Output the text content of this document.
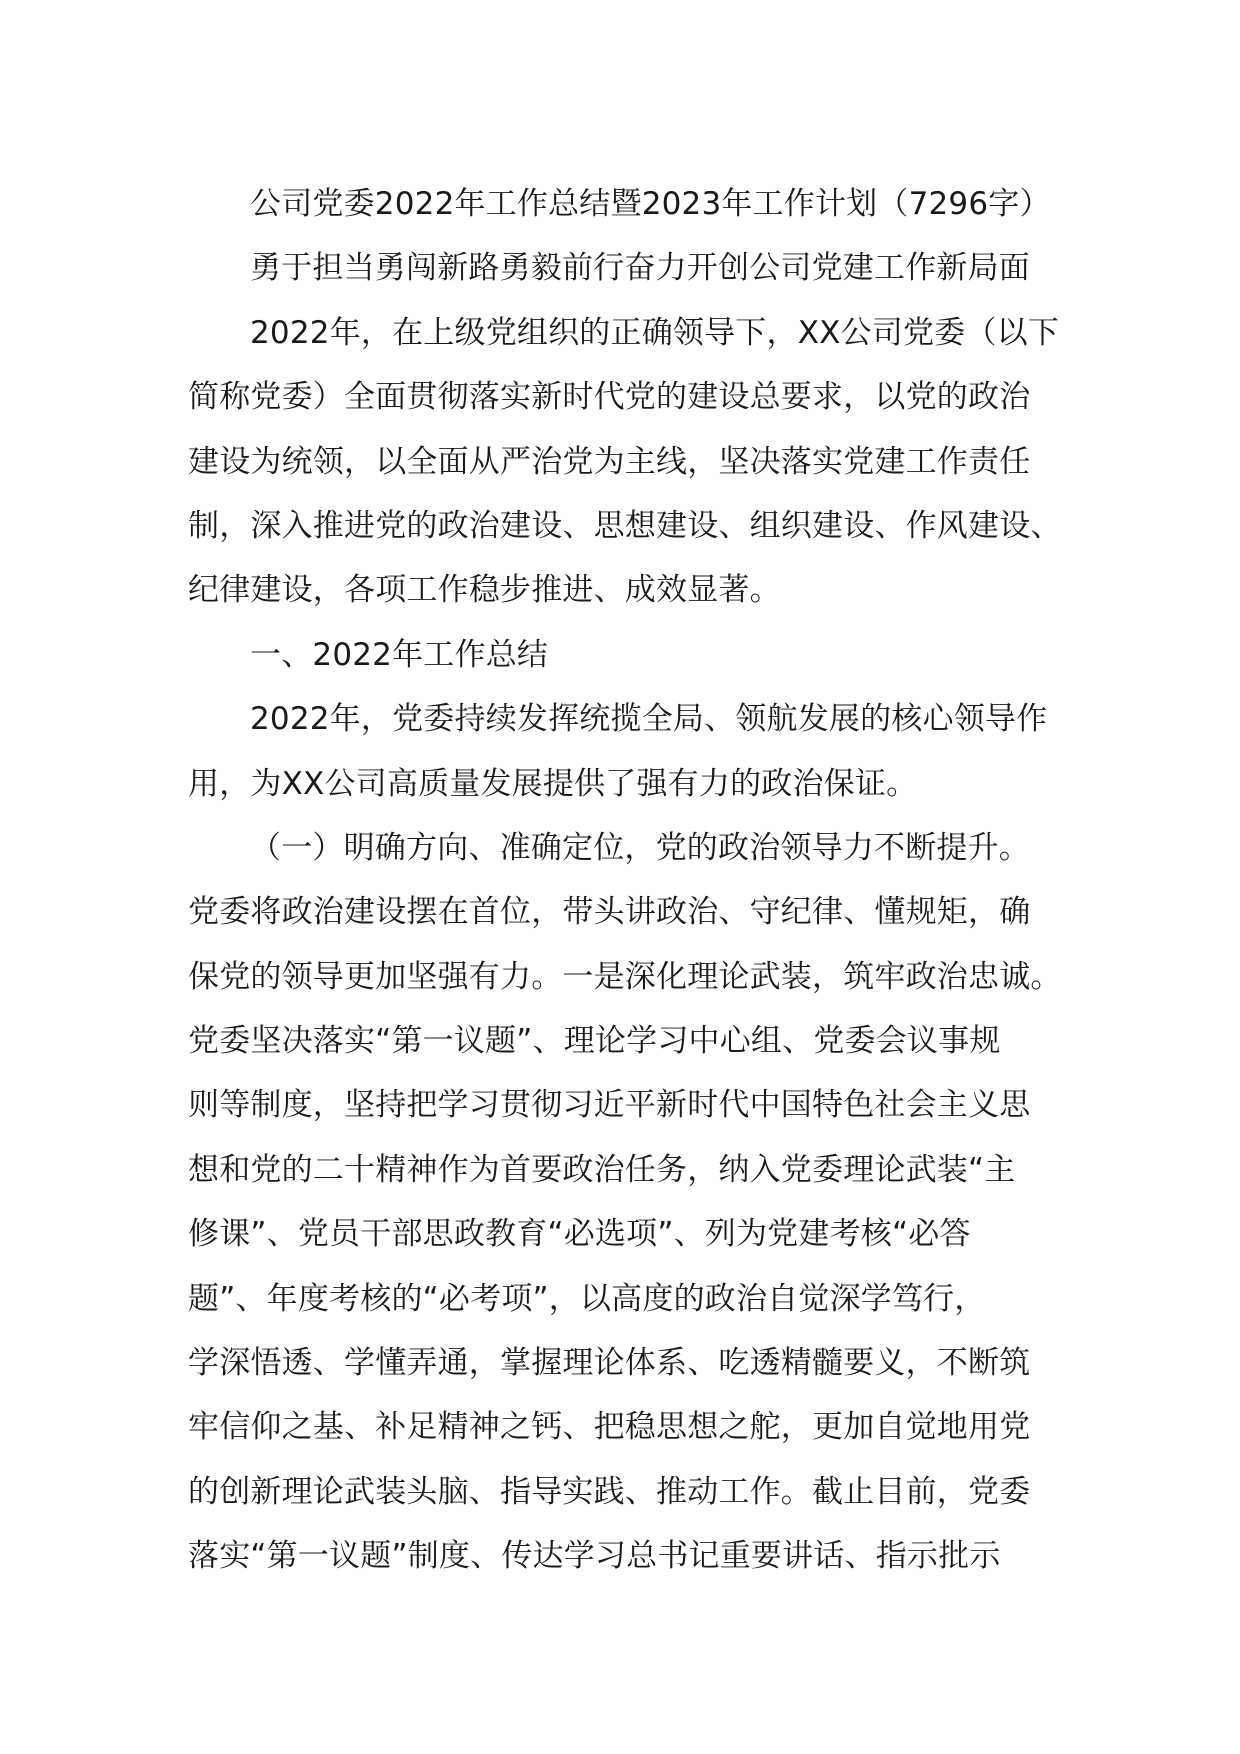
公司党委2022年工作总结暨2023年工作计划（7296字）
勇于担当勇闯新路勇毅前行奋力开创公司党建工作新局面
2022年，在上级党组织的正确领导下，XX公司党委（以下
简称党委）全面贯彻落实新时代党的建设总要求，以党的政治
建设为统领，以全面从严治党为主线，坚决落实党建工作责任
制，深入推进党的政治建设、思想建设、组织建设、作风建设、
纪律建设，各项工作稳步推进、成效显著。
一、2022年工作总结
2022年，党委持续发挥统揽全局、领航发展的核心领导作
用，为XX公司高质量发展提供了强有力的政治保证。
（一）明确方向、准确定位，党的政治领导力不断提升。
党委将政治建设摆在首位，带头讲政治、守纪律、懂规矩，确
保党的领导更加坚强有力。一是深化理论武装，筑牢政治忠诚。
党委坚决落实“第一议题”、理论学习中心组、党委会议事规
则等制度，坚持把学习贯彻习近平新时代中国特色社会主义思
想和党的二十精神作为首要政治任务，纳入党委理论武装“主
修课”、党员干部思政教育“必选项”、列为党建考核“必答
题”、年度考核的“必考项”，以高度的政治自觉深学笃行，
学深悟透、学懂弄通，掌握理论体系、吃透精髓要义，不断筑
牢信仰之基、补足精神之钙、把稳思想之舵，更加自觉地用党
的创新理论武装头脑、指导实践、推动工作。截止目前，党委
落实“第一议题”制度、传达学习总书记重要讲话、指示批示
